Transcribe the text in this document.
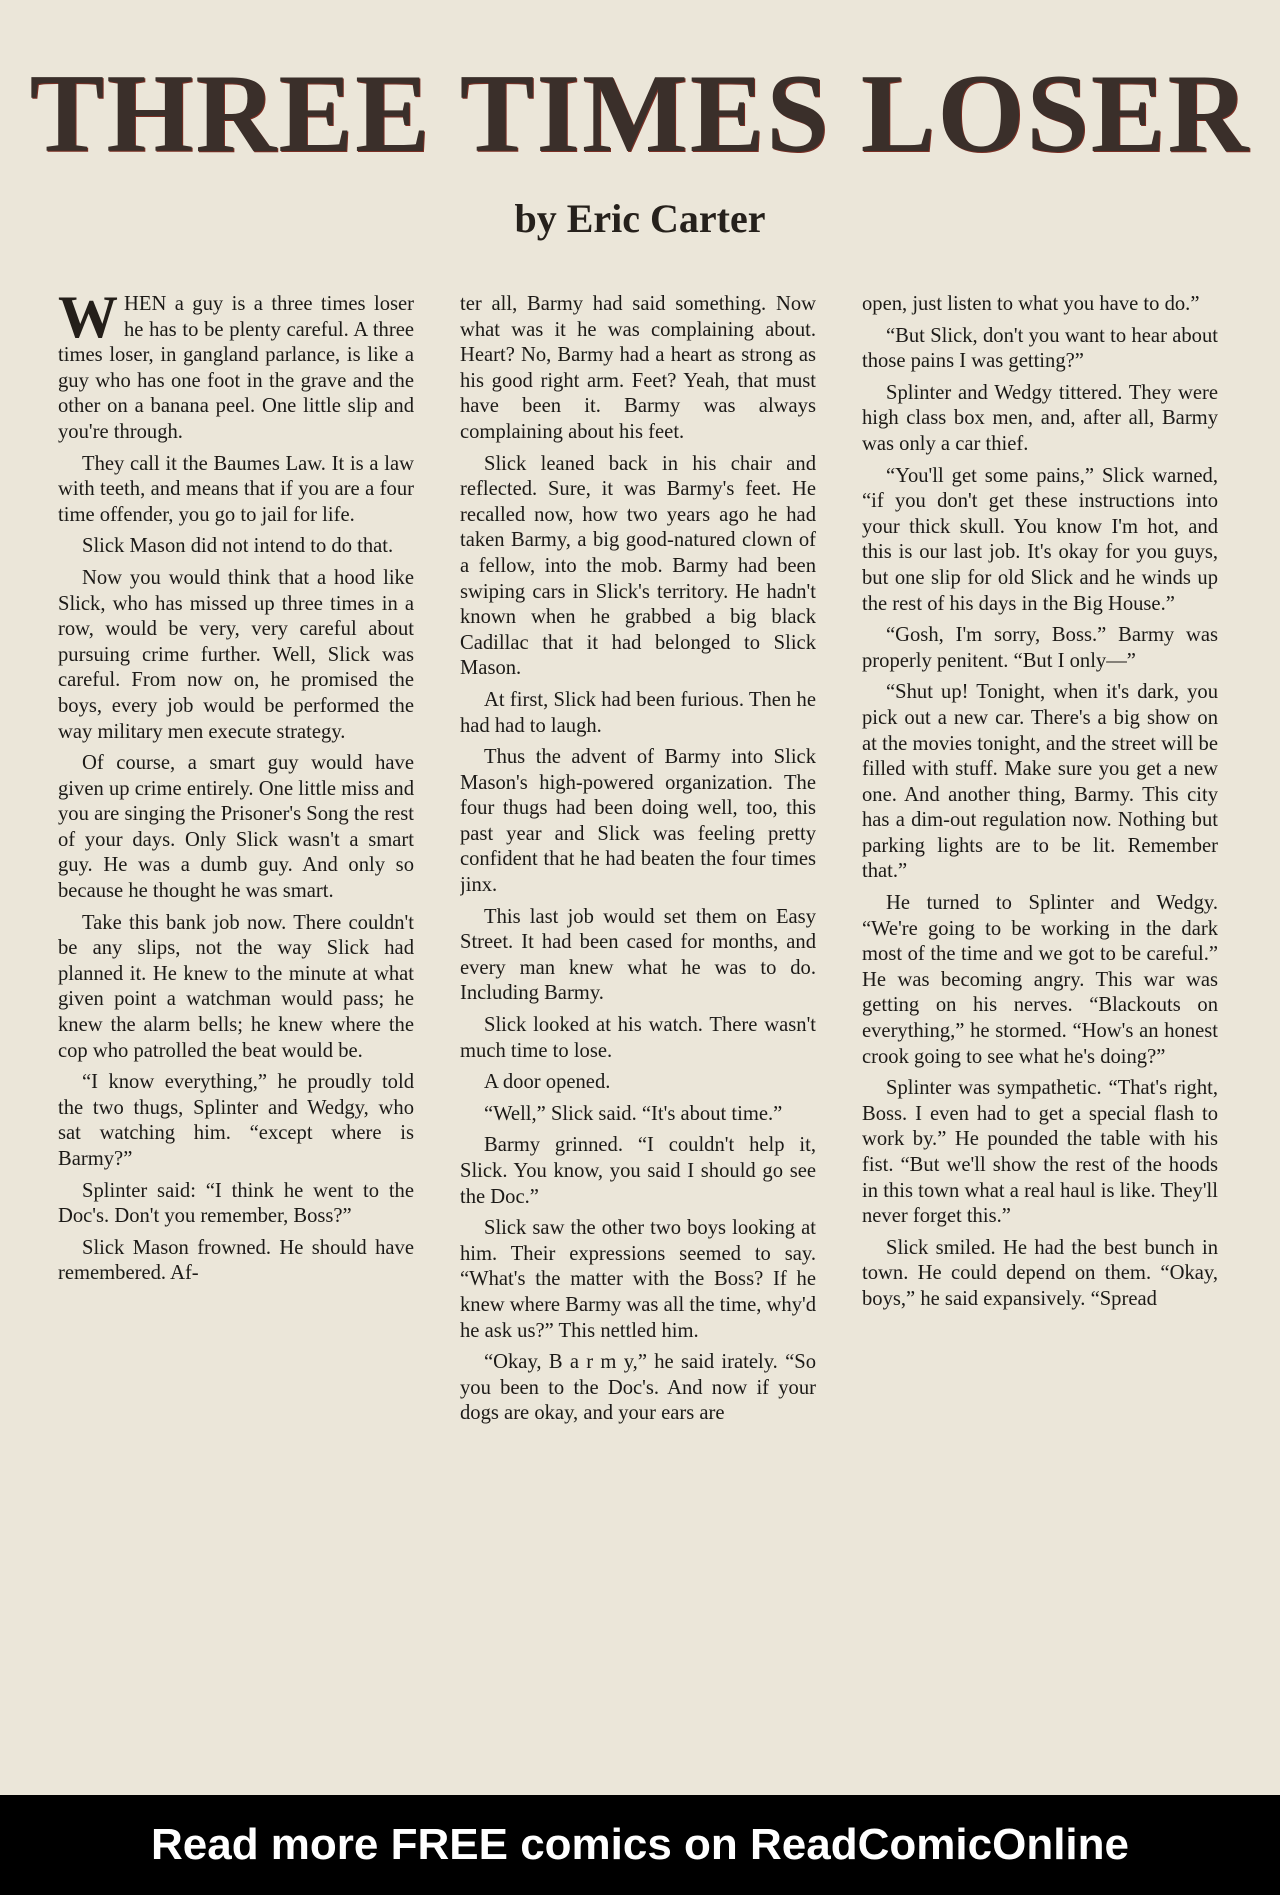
THREE TIMES LOSER
by Eric Carter

WHEN a guy is a three times loser he has to be plenty careful. A three times loser, in gangland parlance, is like a guy who has one foot in the grave and the other on a banana peel. One little slip and you're through.

They call it the Baumes Law. It is a law with teeth, and means that if you are a four time offender, you go to jail for life.

Slick Mason did not intend to do that.

Now you would think that a hood like Slick, who has missed up three times in a row, would be very, very careful about pursuing crime further. Well, Slick was careful. From now on, he promised the boys, every job would be performed the way military men execute strategy.

Of course, a smart guy would have given up crime entirely. One little miss and you are singing the Prisoner's Song the rest of your days. Only Slick wasn't a smart guy. He was a dumb guy. And only so because he thought he was smart.

Take this bank job now. There couldn't be any slips, not the way Slick had planned it. He knew to the minute at what given point a watchman would pass; he knew the alarm bells; he knew where the cop who patrolled the beat would be.

“I know everything,” he proudly told the two thugs, Splinter and Wedgy, who sat watching him. “except where is Barmy?”

Splinter said: “I think he went to the Doc's. Don't you remember, Boss?”

Slick Mason frowned. He should have remembered. Af-

ter all, Barmy had said something. Now what was it he was complaining about. Heart? No, Barmy had a heart as strong as his good right arm. Feet? Yeah, that must have been it. Barmy was always complaining about his feet.

Slick leaned back in his chair and reflected. Sure, it was Barmy's feet. He recalled now, how two years ago he had taken Barmy, a big good-natured clown of a fellow, into the mob. Barmy had been swiping cars in Slick's territory. He hadn't known when he grabbed a big black Cadillac that it had belonged to Slick Mason.

At first, Slick had been furious. Then he had had to laugh.

Thus the advent of Barmy into Slick Mason's high-powered organization. The four thugs had been doing well, too, this past year and Slick was feeling pretty confident that he had beaten the four times jinx.

This last job would set them on Easy Street. It had been cased for months, and every man knew what he was to do. Including Barmy.

Slick looked at his watch. There wasn't much time to lose.

A door opened.

“Well,” Slick said. “It's about time.”

Barmy grinned. “I couldn't help it, Slick. You know, you said I should go see the Doc.”

Slick saw the other two boys looking at him. Their expressions seemed to say. “What's the matter with the Boss? If he knew where Barmy was all the time, why'd he ask us?” This nettled him.

“Okay, B a r m y,” he said irately. “So you been to the Doc's. And now if your dogs are okay, and your ears are

open, just listen to what you have to do.”

“But Slick, don't you want to hear about those pains I was getting?”

Splinter and Wedgy tittered. They were high class box men, and, after all, Barmy was only a car thief.

“You'll get some pains,” Slick warned, “if you don't get these instructions into your thick skull. You know I'm hot, and this is our last job. It's okay for you guys, but one slip for old Slick and he winds up the rest of his days in the Big House.”

“Gosh, I'm sorry, Boss.” Barmy was properly penitent. “But I only—”

“Shut up! Tonight, when it's dark, you pick out a new car. There's a big show on at the movies tonight, and the street will be filled with stuff. Make sure you get a new one. And another thing, Barmy. This city has a dim-out regulation now. Nothing but parking lights are to be lit. Remember that.”

He turned to Splinter and Wedgy. “We're going to be working in the dark most of the time and we got to be careful.” He was becoming angry. This war was getting on his nerves. “Blackouts on everything,” he stormed. “How's an honest crook going to see what he's doing?”

Splinter was sympathetic. “That's right, Boss. I even had to get a special flash to work by.” He pounded the table with his fist. “But we'll show the rest of the hoods in this town what a real haul is like. They'll never forget this.”

Slick smiled. He had the best bunch in town. He could depend on them. “Okay, boys,” he said expansively. “Spread

Read more FREE comics on ReadComicOnline
